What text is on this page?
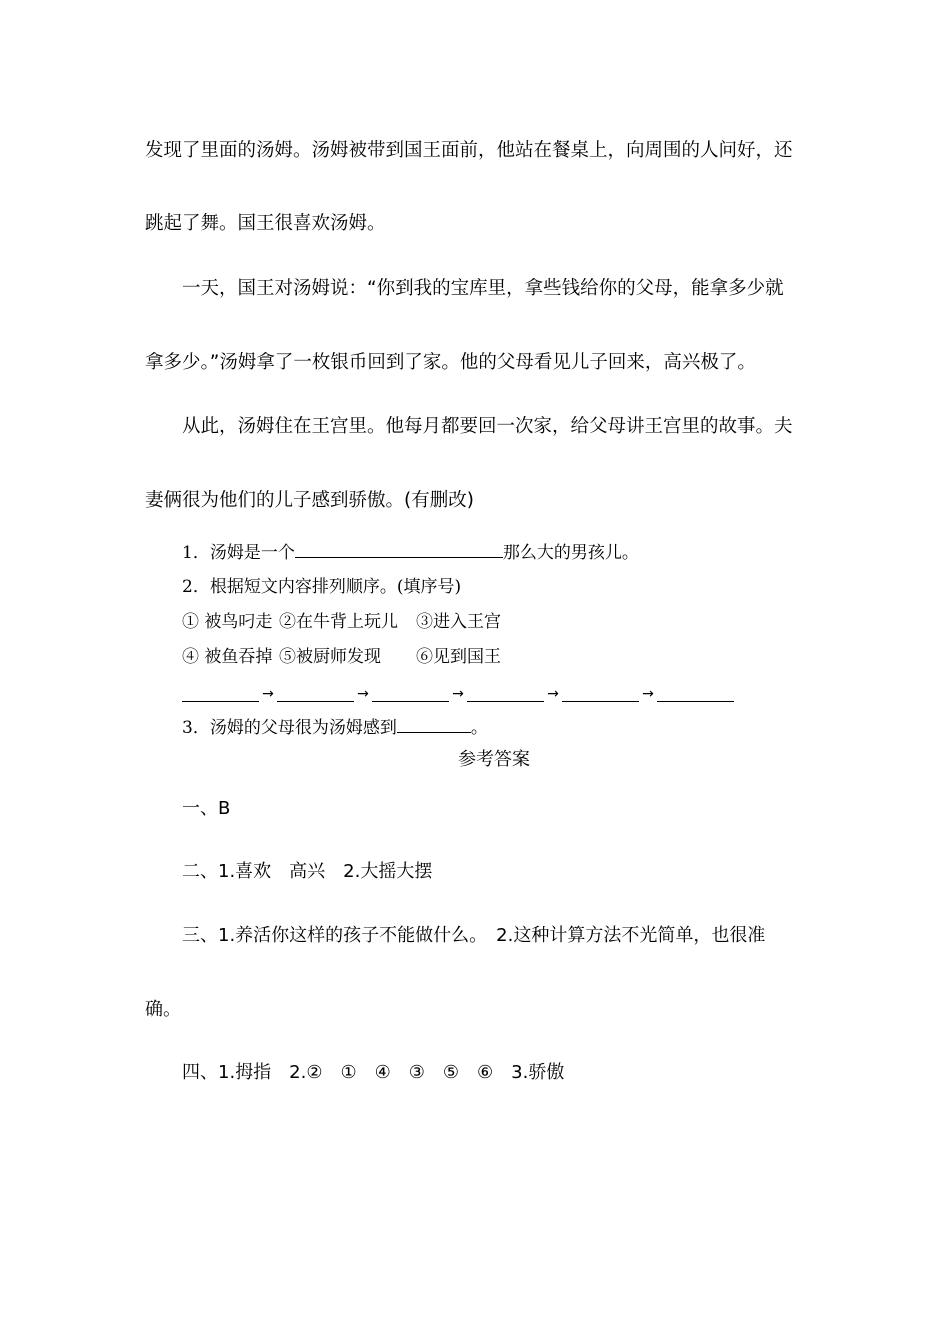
发现了里面的汤姆。汤姆被带到国王面前，他站在餐桌上，向周围的人问好，还
跳起了舞。国王很喜欢汤姆。
一天，国王对汤姆说：“你到我的宝库里，拿些钱给你的父母，能拿多少就
拿多少。”汤姆拿了一枚银币回到了家。他的父母看见儿子回来，高兴极了。
从此，汤姆住在王宫里。他每月都要回一次家，给父母讲王宫里的故事。夫
妻俩很为他们的儿子感到骄傲。(有删改)
1．汤姆是一个	那么大的男孩儿。
2．根据短文内容排列顺序。(填序号)
① 被鸟叼走 ②在牛背上玩儿 ③进入王宫
④ 被鱼吞掉 ⑤被厨师发现 ⑥见到国王
→	→	→	→	→
3．汤姆的父母很为汤姆感到	。
参考答案
一、B
二、1.喜欢　高兴　2.大摇大摆
三、1.养活你这样的孩子不能做什么。　2.这种计算方法不光简单，也很准
确。
四、1.拇指　2.②　①　④　③　⑤　⑥　3.骄傲
